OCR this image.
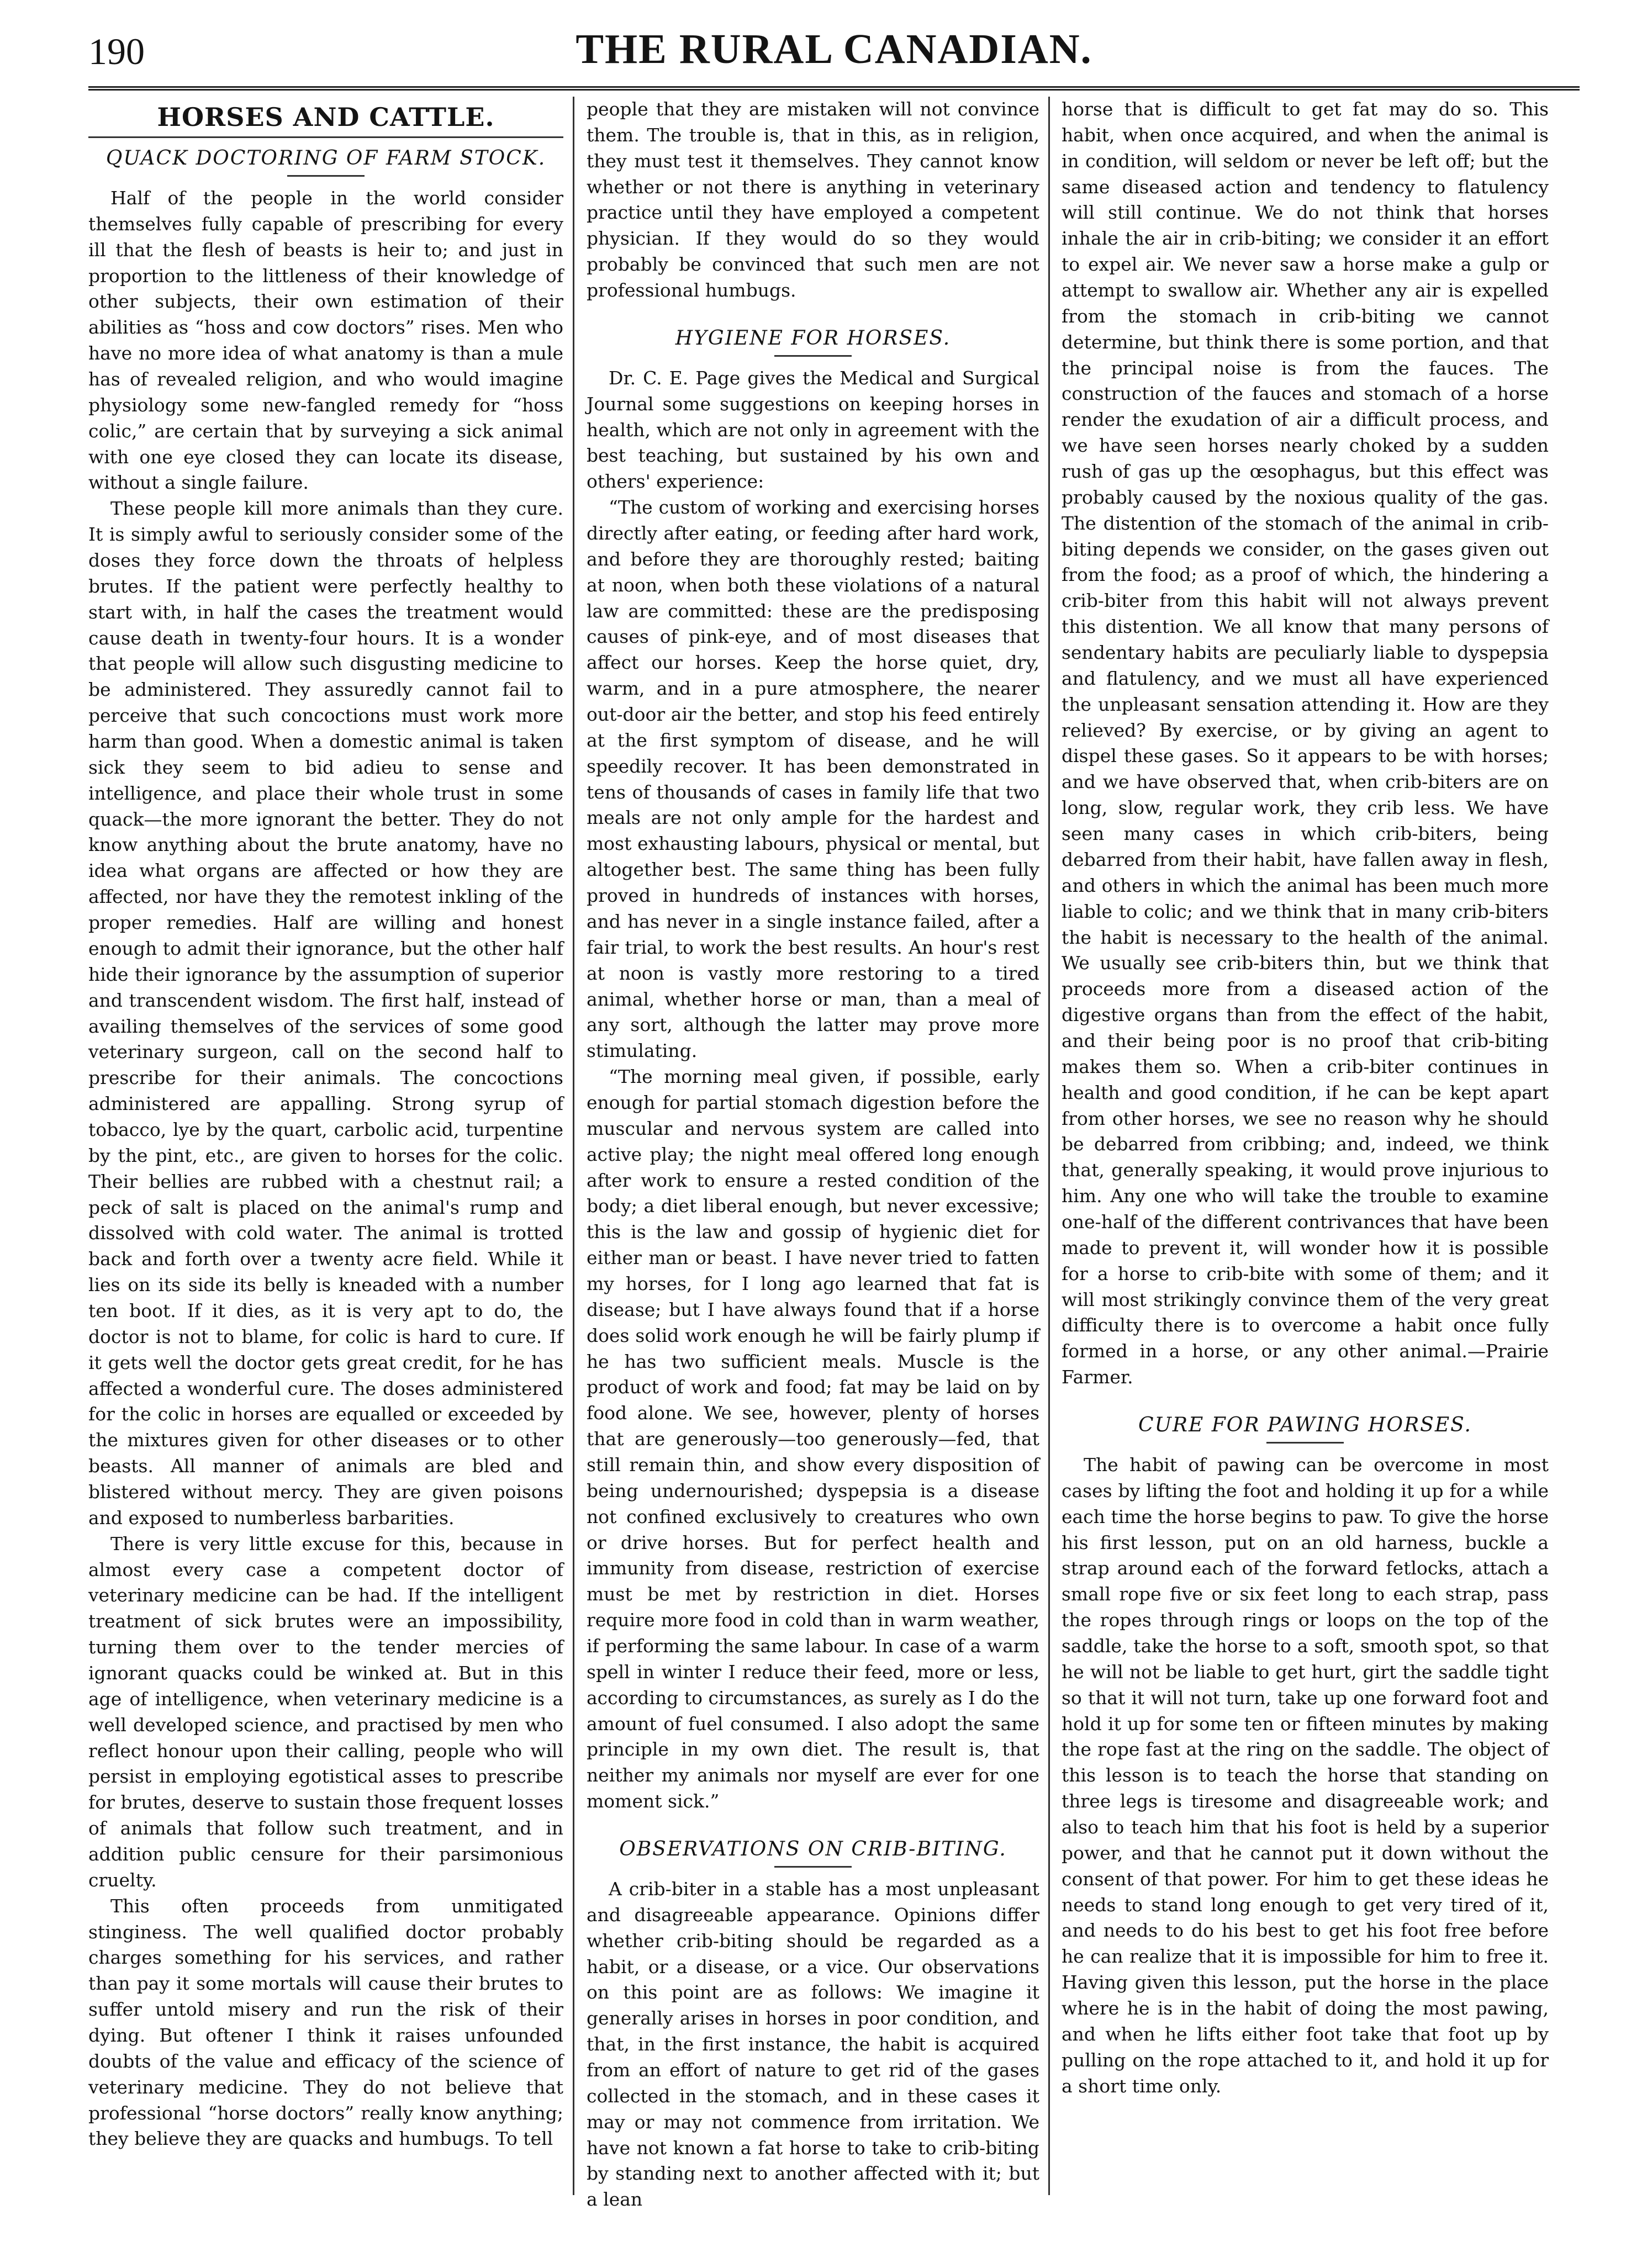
190	THE RURAL CANADIAN.
HORSES AND CATTLE.
QUACK DOCTORING OF FARM STOCK.

Half of the people in the world consider themselves fully capable of prescribing for every ill that the flesh of beasts is heir to; and just in proportion to the littleness of their knowledge of other subjects, their own estimation of their abilities as “hoss and cow doctors” rises. Men who have no more idea of what anatomy is than a mule has of revealed religion, and who would imagine physiology some new-fangled remedy for “hoss colic,” are certain that by surveying a sick animal with one eye closed they can locate its disease, without a single failure.

These people kill more animals than they cure. It is simply awful to seriously consider some of the doses they force down the throats of helpless brutes. If the patient were perfectly healthy to start with, in half the cases the treatment would cause death in twenty-four hours. It is a wonder that people will allow such disgusting medicine to be administered. They assuredly cannot fail to perceive that such concoctions must work more harm than good. When a domestic animal is taken sick they seem to bid adieu to sense and intelligence, and place their whole trust in some quack—the more ignorant the better. They do not know anything about the brute anatomy, have no idea what organs are affected or how they are affected, nor have they the remotest inkling of the proper remedies. Half are willing and honest enough to admit their ignorance, but the other half hide their ignorance by the assumption of superior and transcendent wisdom. The first half, instead of availing themselves of the services of some good veterinary surgeon, call on the second half to prescribe for their animals. The concoctions administered are appalling. Strong syrup of tobacco, lye by the quart, carbolic acid, turpentine by the pint, etc., are given to horses for the colic. Their bellies are rubbed with a chestnut rail; a peck of salt is placed on the animal's rump and dissolved with cold water. The animal is trotted back and forth over a twenty acre field. While it lies on its side its belly is kneaded with a number ten boot. If it dies, as it is very apt to do, the doctor is not to blame, for colic is hard to cure. If it gets well the doctor gets great credit, for he has affected a wonderful cure. The doses administered for the colic in horses are equalled or exceeded by the mixtures given for other diseases or to other beasts. All manner of animals are bled and blistered without mercy. They are given poisons and exposed to numberless barbarities.

There is very little excuse for this, because in almost every case a competent doctor of veterinary medicine can be had. If the intelligent treatment of sick brutes were an impossibility, turning them over to the tender mercies of ignorant quacks could be winked at. But in this age of intelligence, when veterinary medicine is a well developed science, and practised by men who reflect honour upon their calling, people who will persist in employing egotistical asses to prescribe for brutes, deserve to sustain those frequent losses of animals that follow such treatment, and in addition public censure for their parsimonious cruelty.

This often proceeds from unmitigated stinginess. The well qualified doctor probably charges something for his services, and rather than pay it some mortals will cause their brutes to suffer untold misery and run the risk of their dying. But oftener I think it raises unfounded doubts of the value and efficacy of the science of veterinary medicine. They do not believe that professional “horse doctors” really know anything; they believe they are quacks and humbugs. To tell

people that they are mistaken will not convince them. The trouble is, that in this, as in religion, they must test it themselves. They cannot know whether or not there is anything in veterinary practice until they have employed a competent physician. If they would do so they would probably be convinced that such men are not professional humbugs.

HYGIENE FOR HORSES.

Dr. C. E. Page gives the Medical and Surgical Journal some suggestions on keeping horses in health, which are not only in agreement with the best teaching, but sustained by his own and others' experience:

“The custom of working and exercising horses directly after eating, or feeding after hard work, and before they are thoroughly rested; baiting at noon, when both these violations of a natural law are committed: these are the predisposing causes of pink-eye, and of most diseases that affect our horses. Keep the horse quiet, dry, warm, and in a pure atmosphere, the nearer out-door air the better, and stop his feed entirely at the first symptom of disease, and he will speedily recover. It has been demonstrated in tens of thousands of cases in family life that two meals are not only ample for the hardest and most exhausting labours, physical or mental, but altogether best. The same thing has been fully proved in hundreds of instances with horses, and has never in a single instance failed, after a fair trial, to work the best results. An hour's rest at noon is vastly more restoring to a tired animal, whether horse or man, than a meal of any sort, although the latter may prove more stimulating.

“The morning meal given, if possible, early enough for partial stomach digestion before the muscular and nervous system are called into active play; the night meal offered long enough after work to ensure a rested condition of the body; a diet liberal enough, but never excessive; this is the law and gossip of hygienic diet for either man or beast. I have never tried to fatten my horses, for I long ago learned that fat is disease; but I have always found that if a horse does solid work enough he will be fairly plump if he has two sufficient meals. Muscle is the product of work and food; fat may be laid on by food alone. We see, however, plenty of horses that are generously—too generously—fed, that still remain thin, and show every disposition of being undernourished; dyspepsia is a disease not confined exclusively to creatures who own or drive horses. But for perfect health and immunity from disease, restriction of exercise must be met by restriction in diet. Horses require more food in cold than in warm weather, if performing the same labour. In case of a warm spell in winter I reduce their feed, more or less, according to circumstances, as surely as I do the amount of fuel consumed. I also adopt the same principle in my own diet. The result is, that neither my animals nor myself are ever for one moment sick.”

OBSERVATIONS ON CRIB-BITING.

A crib-biter in a stable has a most unpleasant and disagreeable appearance. Opinions differ whether crib-biting should be regarded as a habit, or a disease, or a vice. Our observations on this point are as follows: We imagine it generally arises in horses in poor condition, and that, in the first instance, the habit is acquired from an effort of nature to get rid of the gases collected in the stomach, and in these cases it may or may not commence from irritation. We have not known a fat horse to take to crib-biting by standing next to another affected with it; but a lean

horse that is difficult to get fat may do so. This habit, when once acquired, and when the animal is in condition, will seldom or never be left off; but the same diseased action and tendency to flatulency will still continue. We do not think that horses inhale the air in crib-biting; we consider it an effort to expel air. We never saw a horse make a gulp or attempt to swallow air. Whether any air is expelled from the stomach in crib-biting we cannot determine, but think there is some portion, and that the principal noise is from the fauces. The construction of the fauces and stomach of a horse render the exudation of air a difficult process, and we have seen horses nearly choked by a sudden rush of gas up the œsophagus, but this effect was probably caused by the noxious quality of the gas. The distention of the stomach of the animal in crib-biting depends we consider, on the gases given out from the food; as a proof of which, the hindering a crib-biter from this habit will not always prevent this distention. We all know that many persons of sendentary habits are peculiarly liable to dyspepsia and flatulency, and we must all have experienced the unpleasant sensation attending it. How are they relieved? By exercise, or by giving an agent to dispel these gases. So it appears to be with horses; and we have observed that, when crib-biters are on long, slow, regular work, they crib less. We have seen many cases in which crib-biters, being debarred from their habit, have fallen away in flesh, and others in which the animal has been much more liable to colic; and we think that in many crib-biters the habit is necessary to the health of the animal. We usually see crib-biters thin, but we think that proceeds more from a diseased action of the digestive organs than from the effect of the habit, and their being poor is no proof that crib-biting makes them so. When a crib-biter continues in health and good condition, if he can be kept apart from other horses, we see no reason why he should be debarred from cribbing; and, indeed, we think that, generally speaking, it would prove injurious to him. Any one who will take the trouble to examine one-half of the different contrivances that have been made to prevent it, will wonder how it is possible for a horse to crib-bite with some of them; and it will most strikingly convince them of the very great difficulty there is to overcome a habit once fully formed in a horse, or any other animal.—Prairie Farmer.

CURE FOR PAWING HORSES.

The habit of pawing can be overcome in most cases by lifting the foot and holding it up for a while each time the horse begins to paw. To give the horse his first lesson, put on an old harness, buckle a strap around each of the forward fetlocks, attach a small rope five or six feet long to each strap, pass the ropes through rings or loops on the top of the saddle, take the horse to a soft, smooth spot, so that he will not be liable to get hurt, girt the saddle tight so that it will not turn, take up one forward foot and hold it up for some ten or fifteen minutes by making the rope fast at the ring on the saddle. The object of this lesson is to teach the horse that standing on three legs is tiresome and disagreeable work; and also to teach him that his foot is held by a superior power, and that he cannot put it down without the consent of that power. For him to get these ideas he needs to stand long enough to get very tired of it, and needs to do his best to get his foot free before he can realize that it is impossible for him to free it. Having given this lesson, put the horse in the place where he is in the habit of doing the most pawing, and when he lifts either foot take that foot up by pulling on the rope attached to it, and hold it up for a short time only.
